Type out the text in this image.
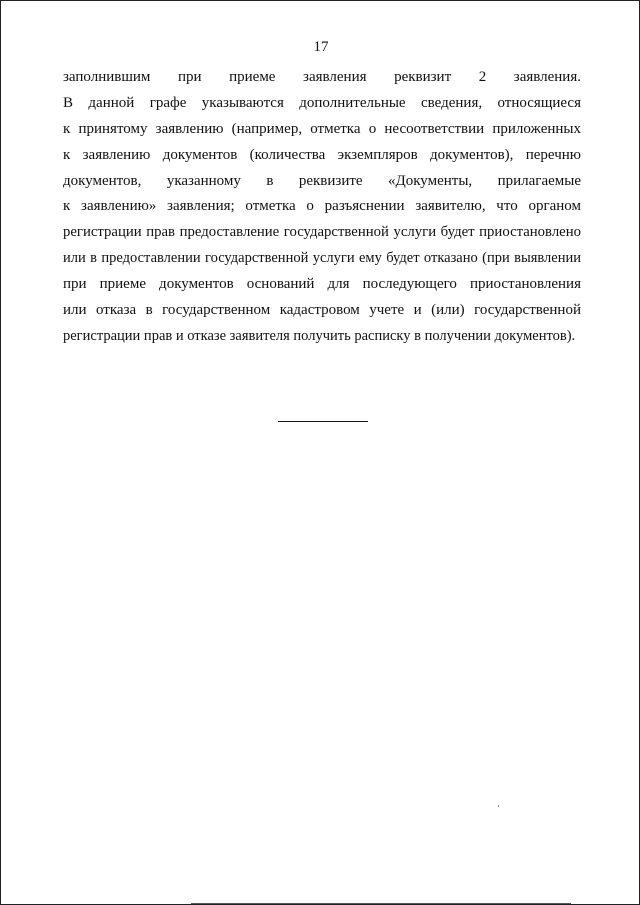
17
заполнившим при приеме заявления реквизит 2 заявления.
В данной графе указываются дополнительные сведения, относящиеся
к принятому заявлению (например, отметка о несоответствии приложенных
к заявлению документов (количества экземпляров документов), перечню
документов, указанному в реквизите «Документы, прилагаемые
к заявлению» заявления; отметка о разъяснении заявителю, что органом
регистрации прав предоставление государственной услуги будет приостановлено
или в предоставлении государственной услуги ему будет отказано (при выявлении
при приеме документов оснований для последующего приостановления
или отказа в государственном кадастровом учете и (или) государственной
регистрации прав и отказе заявителя получить расписку в получении документов).
